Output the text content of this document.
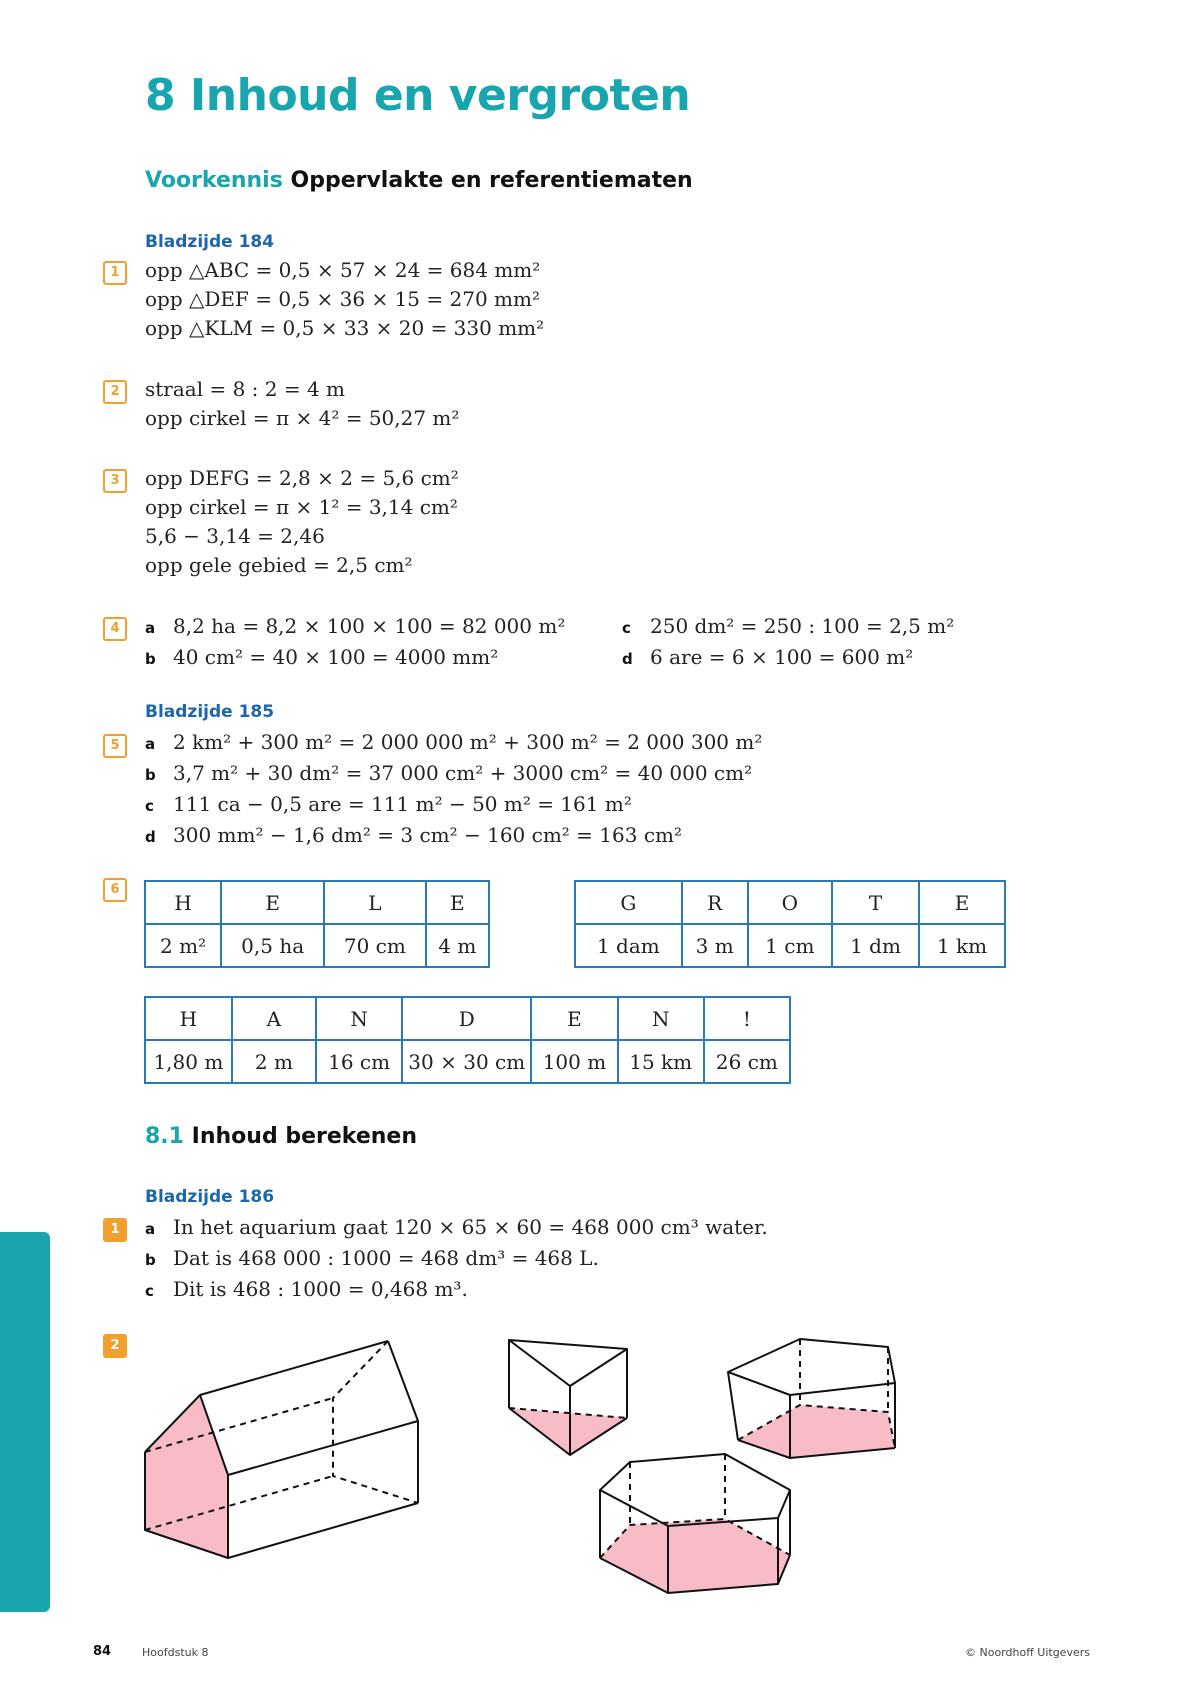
8 Inhoud en vergroten
Voorkennis Oppervlakte en referentiematen
Bladzijde 184
1	opp △ABC = 0,5 × 57 × 24 = 684 mm²
opp △DEF = 0,5 × 36 × 15 = 270 mm²
opp △KLM = 0,5 × 33 × 20 = 330 mm²
2	straal = 8 : 2 = 4 m
opp cirkel = π × 4² = 50,27 m²
3	opp DEFG = 2,8 × 2 = 5,6 cm²
opp cirkel = π × 1² = 3,14 cm²
5,6 − 3,14 = 2,46
opp gele gebied = 2,5 cm²
4	a 8,2 ha = 8,2 × 100 × 100 = 82 000 m²
b 40 cm² = 40 × 100 = 4000 mm²
c 250 dm² = 250 : 100 = 2,5 m²
d 6 are = 6 × 100 = 600 m²
Bladzijde 185
5	a 2 km² + 300 m² = 2 000 000 m² + 300 m² = 2 000 300 m²
b 3,7 m² + 30 dm² = 37 000 cm² + 3000 cm² = 40 000 cm²
c 111 ca − 0,5 are = 111 m² − 50 m² = 161 m²
d 300 mm² − 1,6 dm² = 3 cm² − 160 cm² = 163 cm²
6
H	E	L	E
2 m²	0,5 ha	70 cm	4 m
G	R	O	T	E
1 dam	3 m	1 cm	1 dm	1 km
H	A	N	D	E	N	!
1,80 m	2 m	16 cm	30 × 30 cm	100 m	15 km	26 cm
8.1 Inhoud berekenen
Bladzijde 186
1	a In het aquarium gaat 120 × 65 × 60 = 468 000 cm³ water.
b Dat is 468 000 : 1000 = 468 dm³ = 468 L.
c Dit is 468 : 1000 = 0,468 m³.
2
84	Hoofdstuk 8	© Noordhoff Uitgevers
